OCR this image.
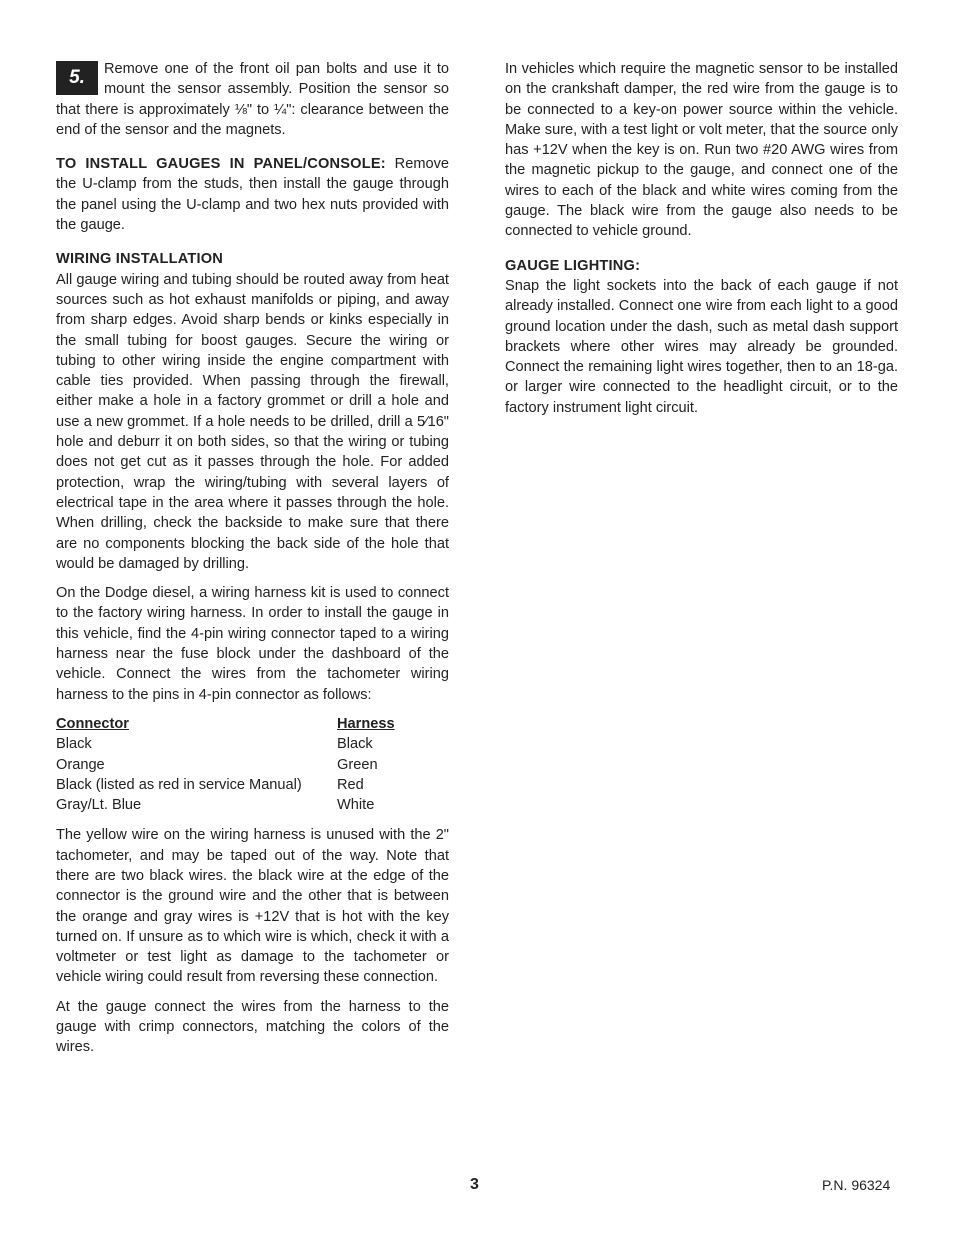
5.	Remove one of the front oil pan bolts and use it to mount the sensor assembly. Position the sensor so that there is approximately ⅛" to ¼": clearance between the end of the sensor and the magnets.

TO INSTALL GAUGES IN PANEL/CONSOLE: Remove the U-clamp from the studs, then install the gauge through the panel using the U-clamp and two hex nuts provided with the gauge.

WIRING INSTALLATION

All gauge wiring and tubing should be routed away from heat sources such as hot exhaust manifolds or piping, and away from sharp edges. Avoid sharp bends or kinks especially in the small tubing for boost gauges. Secure the wiring or tubing to other wiring inside the engine compartment with cable ties provided. When passing through the firewall, either make a hole in a factory grommet or drill a hole and use a new grommet. If a hole needs to be drilled, drill a 5⁄16" hole and deburr it on both sides, so that the wiring or tubing does not get cut as it passes through the hole. For added protection, wrap the wiring/tubing with several layers of electrical tape in the area where it passes through the hole. When drilling, check the backside to make sure that there are no components blocking the back side of the hole that would be damaged by drilling.

On the Dodge diesel, a wiring harness kit is used to connect to the factory wiring harness. In order to install the gauge in this vehicle, find the 4-pin wiring connector taped to a wiring harness near the fuse block under the dashboard of the vehicle. Connect the wires from the tachometer wiring harness to the pins in 4-pin connector as follows:

Connector	Harness
Black	Black
Orange	Green
Black (listed as red in service Manual)	Red
Gray/Lt. Blue	White

The yellow wire on the wiring harness is unused with the 2" tachometer, and may be taped out of the way. Note that there are two black wires. the black wire at the edge of the connector is the ground wire and the other that is between the orange and gray wires is +12V that is hot with the key turned on. If unsure as to which wire is which, check it with a voltmeter or test light as damage to the tachometer or vehicle wiring could result from reversing these connection.

At the gauge connect the wires from the harness to the gauge with crimp connectors, matching the colors of the wires.

In vehicles which require the magnetic sensor to be installed on the crankshaft damper, the red wire from the gauge is to be connected to a key-on power source within the vehicle. Make sure, with a test light or volt meter, that the source only has +12V when the key is on. Run two #20 AWG wires from the magnetic pickup to the gauge, and connect one of the wires to each of the black and white wires coming from the gauge. The black wire from the gauge also needs to be connected to vehicle ground.

GAUGE LIGHTING:

Snap the light sockets into the back of each gauge if not already installed. Connect one wire from each light to a good ground location under the dash, such as metal dash support brackets where other wires may already be grounded. Connect the remaining light wires together, then to an 18-ga. or larger wire connected to the headlight circuit, or to the factory instrument light circuit.

3	P.N. 96324
